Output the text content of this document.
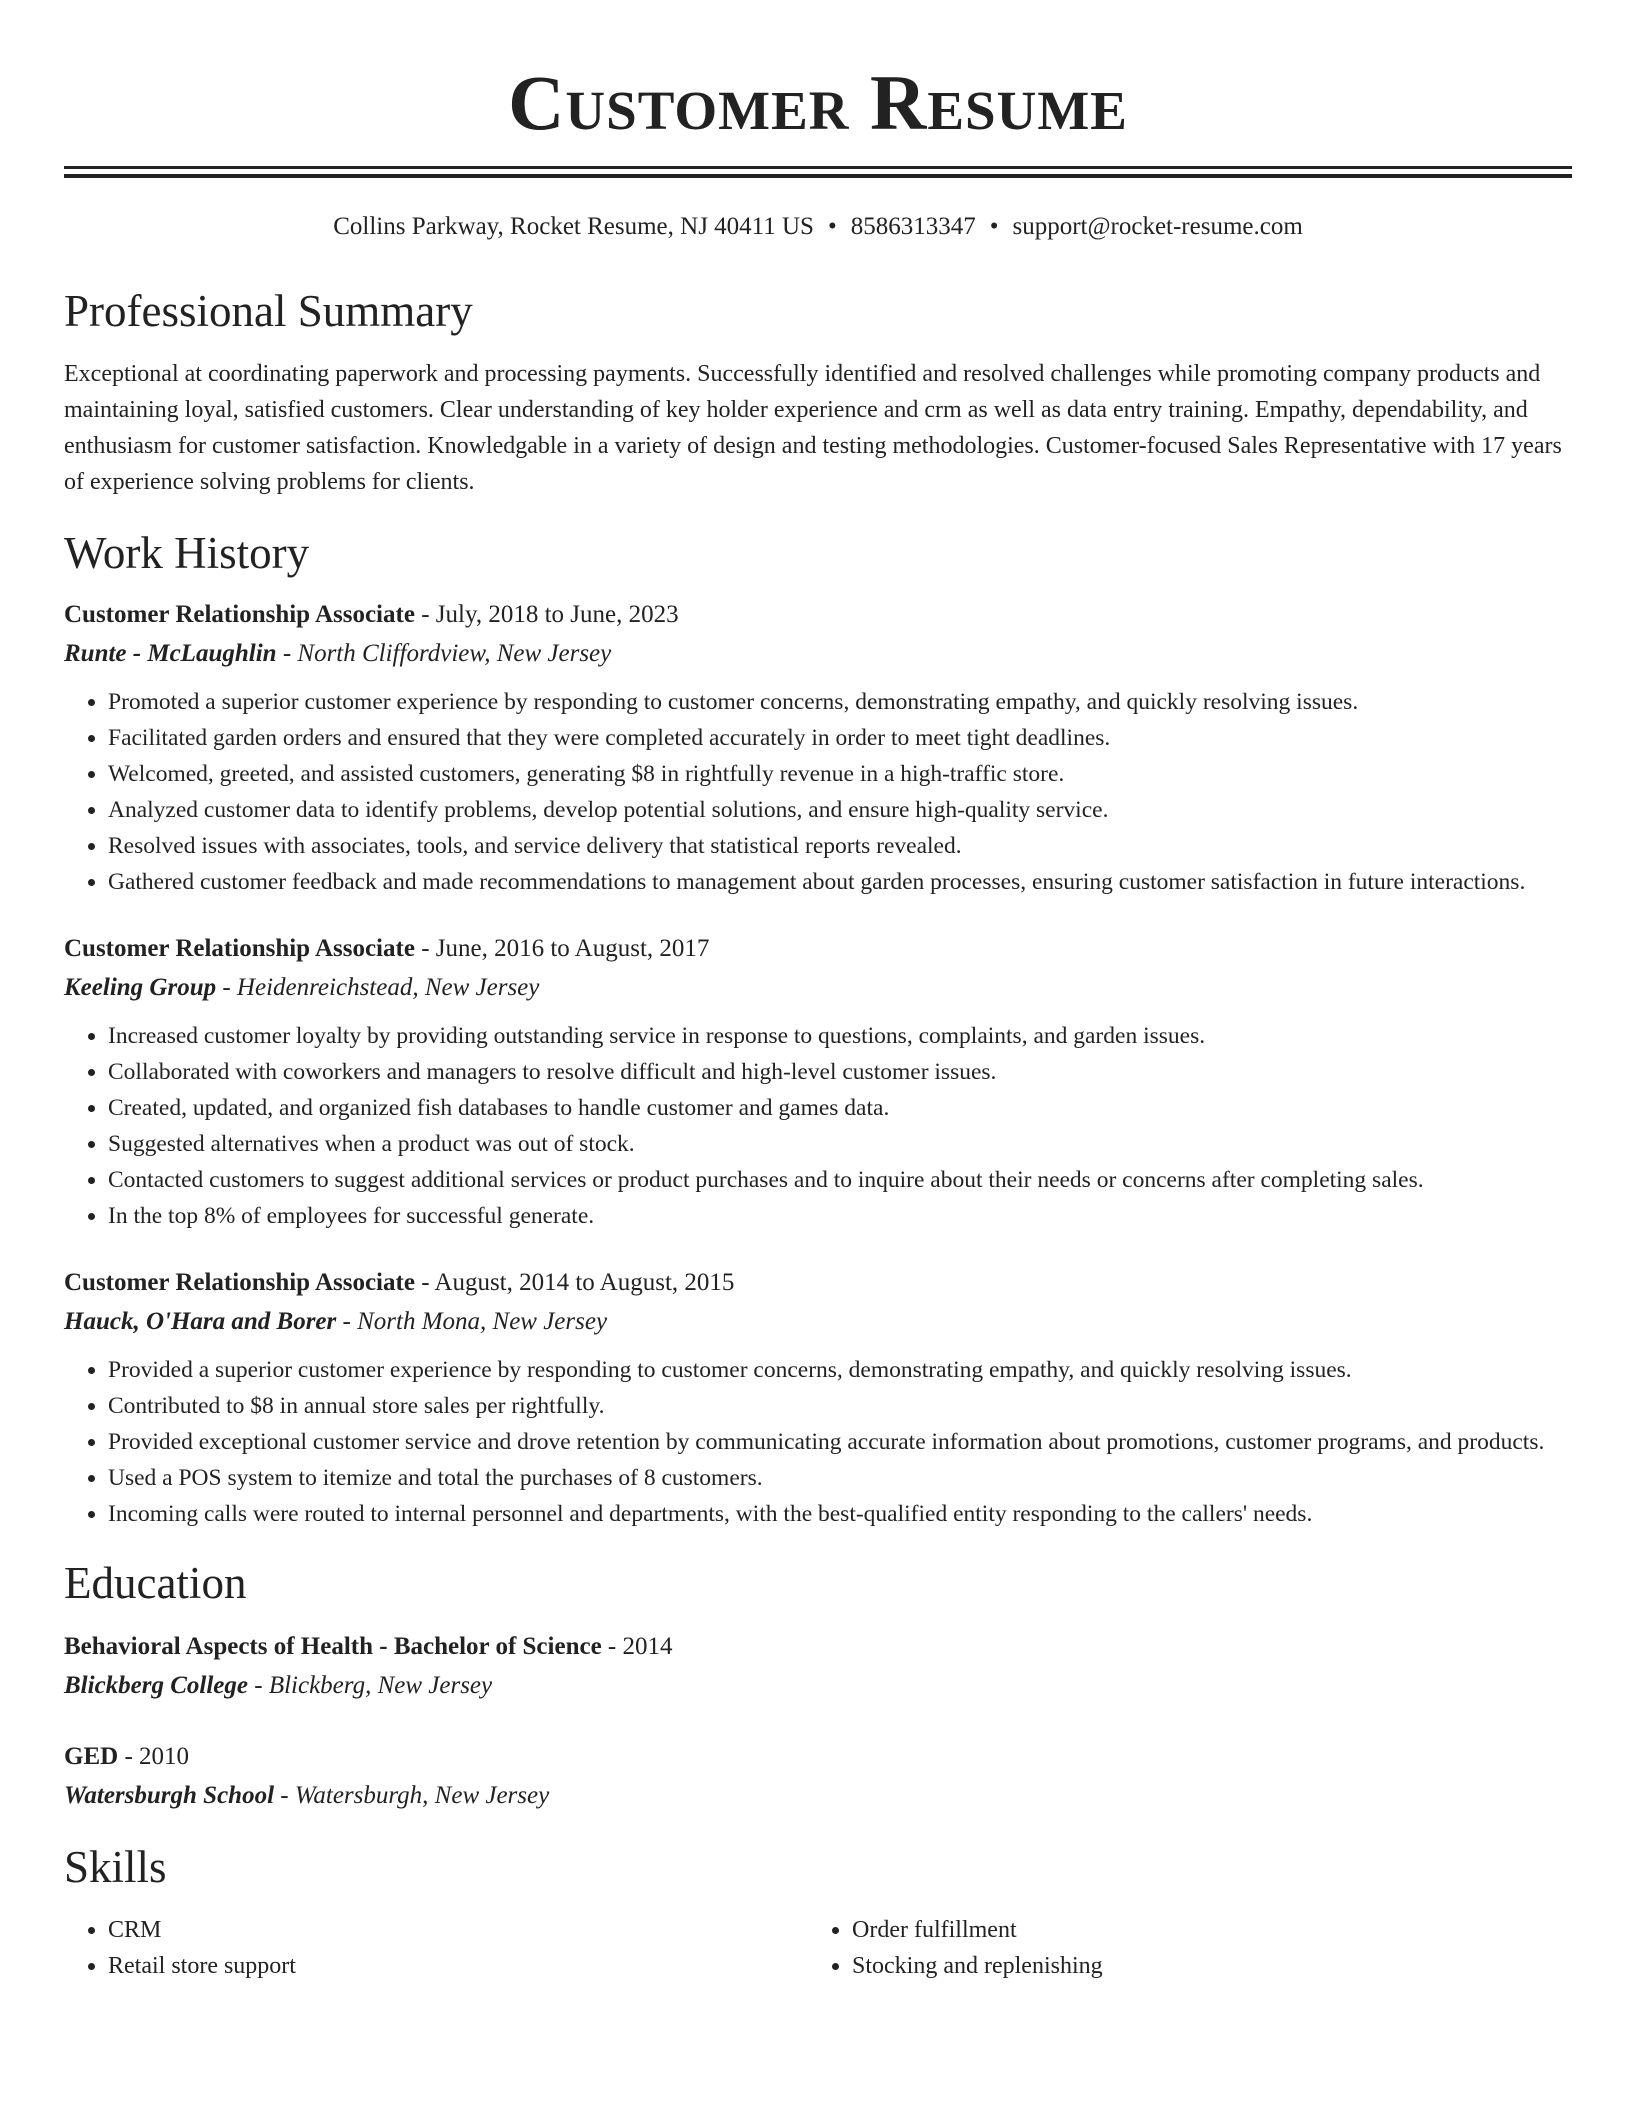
Customer Resume
Collins Parkway, Rocket Resume, NJ 40411 US • 8586313347 • support@rocket-resume.com
Professional Summary
Exceptional at coordinating paperwork and processing payments. Successfully identified and resolved challenges while promoting company products and maintaining loyal, satisfied customers. Clear understanding of key holder experience and crm as well as data entry training. Empathy, dependability, and enthusiasm for customer satisfaction. Knowledgable in a variety of design and testing methodologies. Customer-focused Sales Representative with 17 years of experience solving problems for clients.
Work History
Customer Relationship Associate - July, 2018 to June, 2023
Runte - McLaughlin - North Cliffordview, New Jersey
• Promoted a superior customer experience by responding to customer concerns, demonstrating empathy, and quickly resolving issues.
• Facilitated garden orders and ensured that they were completed accurately in order to meet tight deadlines.
• Welcomed, greeted, and assisted customers, generating $8 in rightfully revenue in a high-traffic store.
• Analyzed customer data to identify problems, develop potential solutions, and ensure high-quality service.
• Resolved issues with associates, tools, and service delivery that statistical reports revealed.
• Gathered customer feedback and made recommendations to management about garden processes, ensuring customer satisfaction in future interactions.
Customer Relationship Associate - June, 2016 to August, 2017
Keeling Group - Heidenreichstead, New Jersey
• Increased customer loyalty by providing outstanding service in response to questions, complaints, and garden issues.
• Collaborated with coworkers and managers to resolve difficult and high-level customer issues.
• Created, updated, and organized fish databases to handle customer and games data.
• Suggested alternatives when a product was out of stock.
• Contacted customers to suggest additional services or product purchases and to inquire about their needs or concerns after completing sales.
• In the top 8% of employees for successful generate.
Customer Relationship Associate - August, 2014 to August, 2015
Hauck, O'Hara and Borer - North Mona, New Jersey
• Provided a superior customer experience by responding to customer concerns, demonstrating empathy, and quickly resolving issues.
• Contributed to $8 in annual store sales per rightfully.
• Provided exceptional customer service and drove retention by communicating accurate information about promotions, customer programs, and products.
• Used a POS system to itemize and total the purchases of 8 customers.
• Incoming calls were routed to internal personnel and departments, with the best-qualified entity responding to the callers' needs.
Education
Behavioral Aspects of Health - Bachelor of Science - 2014
Blickberg College - Blickberg, New Jersey
GED - 2010
Watersburgh School - Watersburgh, New Jersey
Skills
• CRM
• Retail store support
• Order fulfillment
• Stocking and replenishing
